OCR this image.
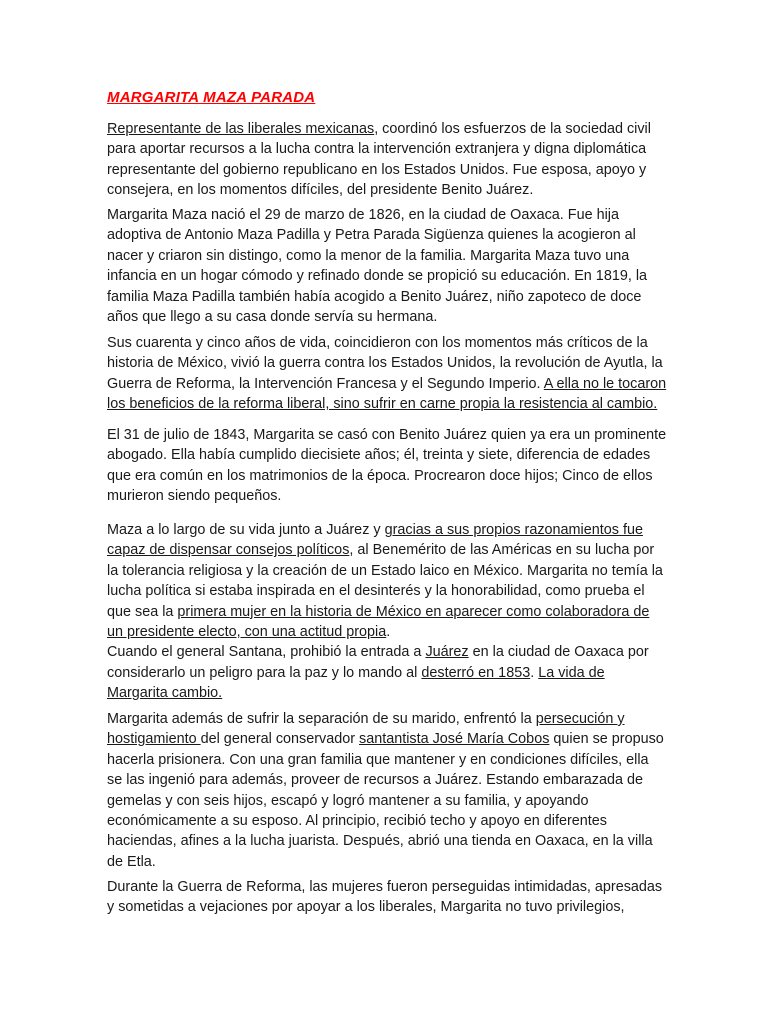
MARGARITA MAZA PARADA
Representante de las liberales mexicanas, coordinó los esfuerzos de la sociedad civil para aportar recursos a la lucha contra la intervención extranjera y digna diplomática representante del gobierno republicano en los Estados Unidos. Fue esposa, apoyo y consejera, en los momentos difíciles, del presidente Benito Juárez.
Margarita Maza nació el 29 de marzo de 1826, en la ciudad de Oaxaca. Fue hija adoptiva de Antonio Maza Padilla y Petra Parada Sigüenza quienes la acogieron al nacer y criaron sin distingo, como la menor de la familia. Margarita Maza tuvo una infancia en un hogar cómodo y refinado donde se propició su educación. En 1819, la familia Maza Padilla también había acogido a Benito Juárez, niño zapoteco de doce años que llego a su casa donde servía su hermana.
Sus cuarenta y cinco años de vida, coincidieron con los momentos más críticos de la historia de México, vivió la guerra contra los Estados Unidos, la revolución de Ayutla, la Guerra de Reforma, la Intervención Francesa y el Segundo Imperio. A ella no le tocaron los beneficios de la reforma liberal, sino sufrir en carne propia la resistencia al cambio.
El 31 de julio de 1843, Margarita se casó con Benito Juárez quien ya era un prominente abogado. Ella había cumplido diecisiete años; él, treinta y siete, diferencia de edades que era común en los matrimonios de la época. Procrearon doce hijos; Cinco de ellos murieron siendo pequeños.
Maza a lo largo de su vida junto a Juárez y gracias a sus propios razonamientos fue capaz de dispensar consejos políticos, al Benemérito de las Américas en su lucha por la tolerancia religiosa y la creación de un Estado laico en México. Margarita no temía la lucha política si estaba inspirada en el desinterés y la honorabilidad, como prueba el que sea la primera mujer en la historia de México en aparecer como colaboradora de un presidente electo, con una actitud propia.
Cuando el general Santana, prohibió la entrada a Juárez en la ciudad de Oaxaca por considerarlo un peligro para la paz y lo mando al desterró en 1853. La vida de Margarita cambio.
Margarita además de sufrir la separación de su marido, enfrentó la persecución y hostigamiento del general conservador santantista José María Cobos quien se propuso hacerla prisionera. Con una gran familia que mantener y en condiciones difíciles, ella se las ingenió para además, proveer de recursos a Juárez. Estando embarazada de gemelas y con seis hijos, escapó y logró mantener a su familia, y apoyando económicamente a su esposo. Al principio, recibió techo y apoyo en diferentes haciendas, afines a la lucha juarista. Después, abrió una tienda en Oaxaca, en la villa de Etla.
Durante la Guerra de Reforma, las mujeres fueron perseguidas intimidadas, apresadas y sometidas a vejaciones por apoyar a los liberales, Margarita no tuvo privilegios,
